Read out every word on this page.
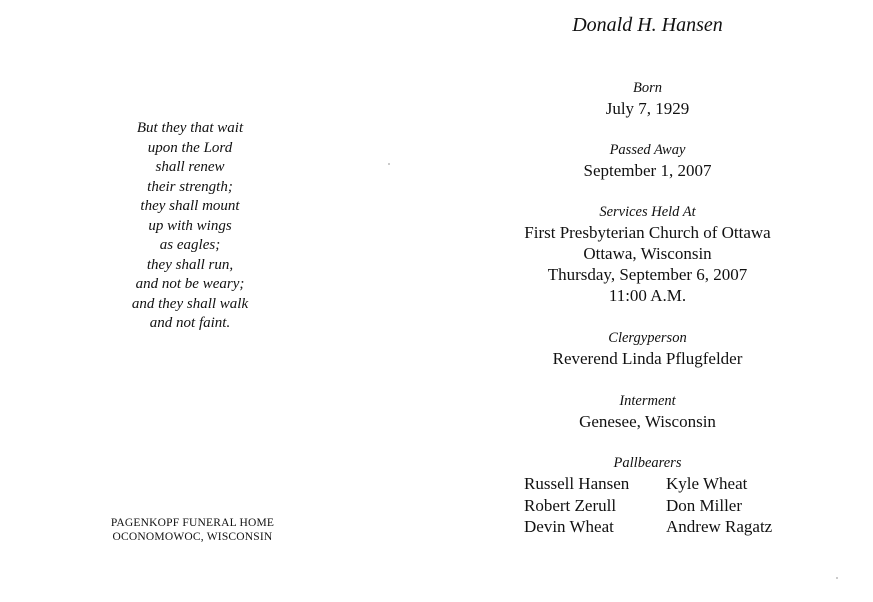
But they that wait
upon the Lord
shall renew
their strength;
they shall mount
up with wings
as eagles;
they shall run,
and not be weary;
and they shall walk
and not faint.
PAGENKOPF FUNERAL HOME
OCONOMOWOC, WISCONSIN
Donald H. Hansen
Born
July 7, 1929
Passed Away
September 1, 2007
Services Held At
First Presbyterian Church of Ottawa
Ottawa, Wisconsin
Thursday, September 6, 2007
11:00 A.M.
Clergyperson
Reverend Linda Pflugfelder
Interment
Genesee, Wisconsin
Pallbearers
Russell Hansen	Kyle Wheat
Robert Zerull	Don Miller
Devin Wheat	Andrew Ragatz
